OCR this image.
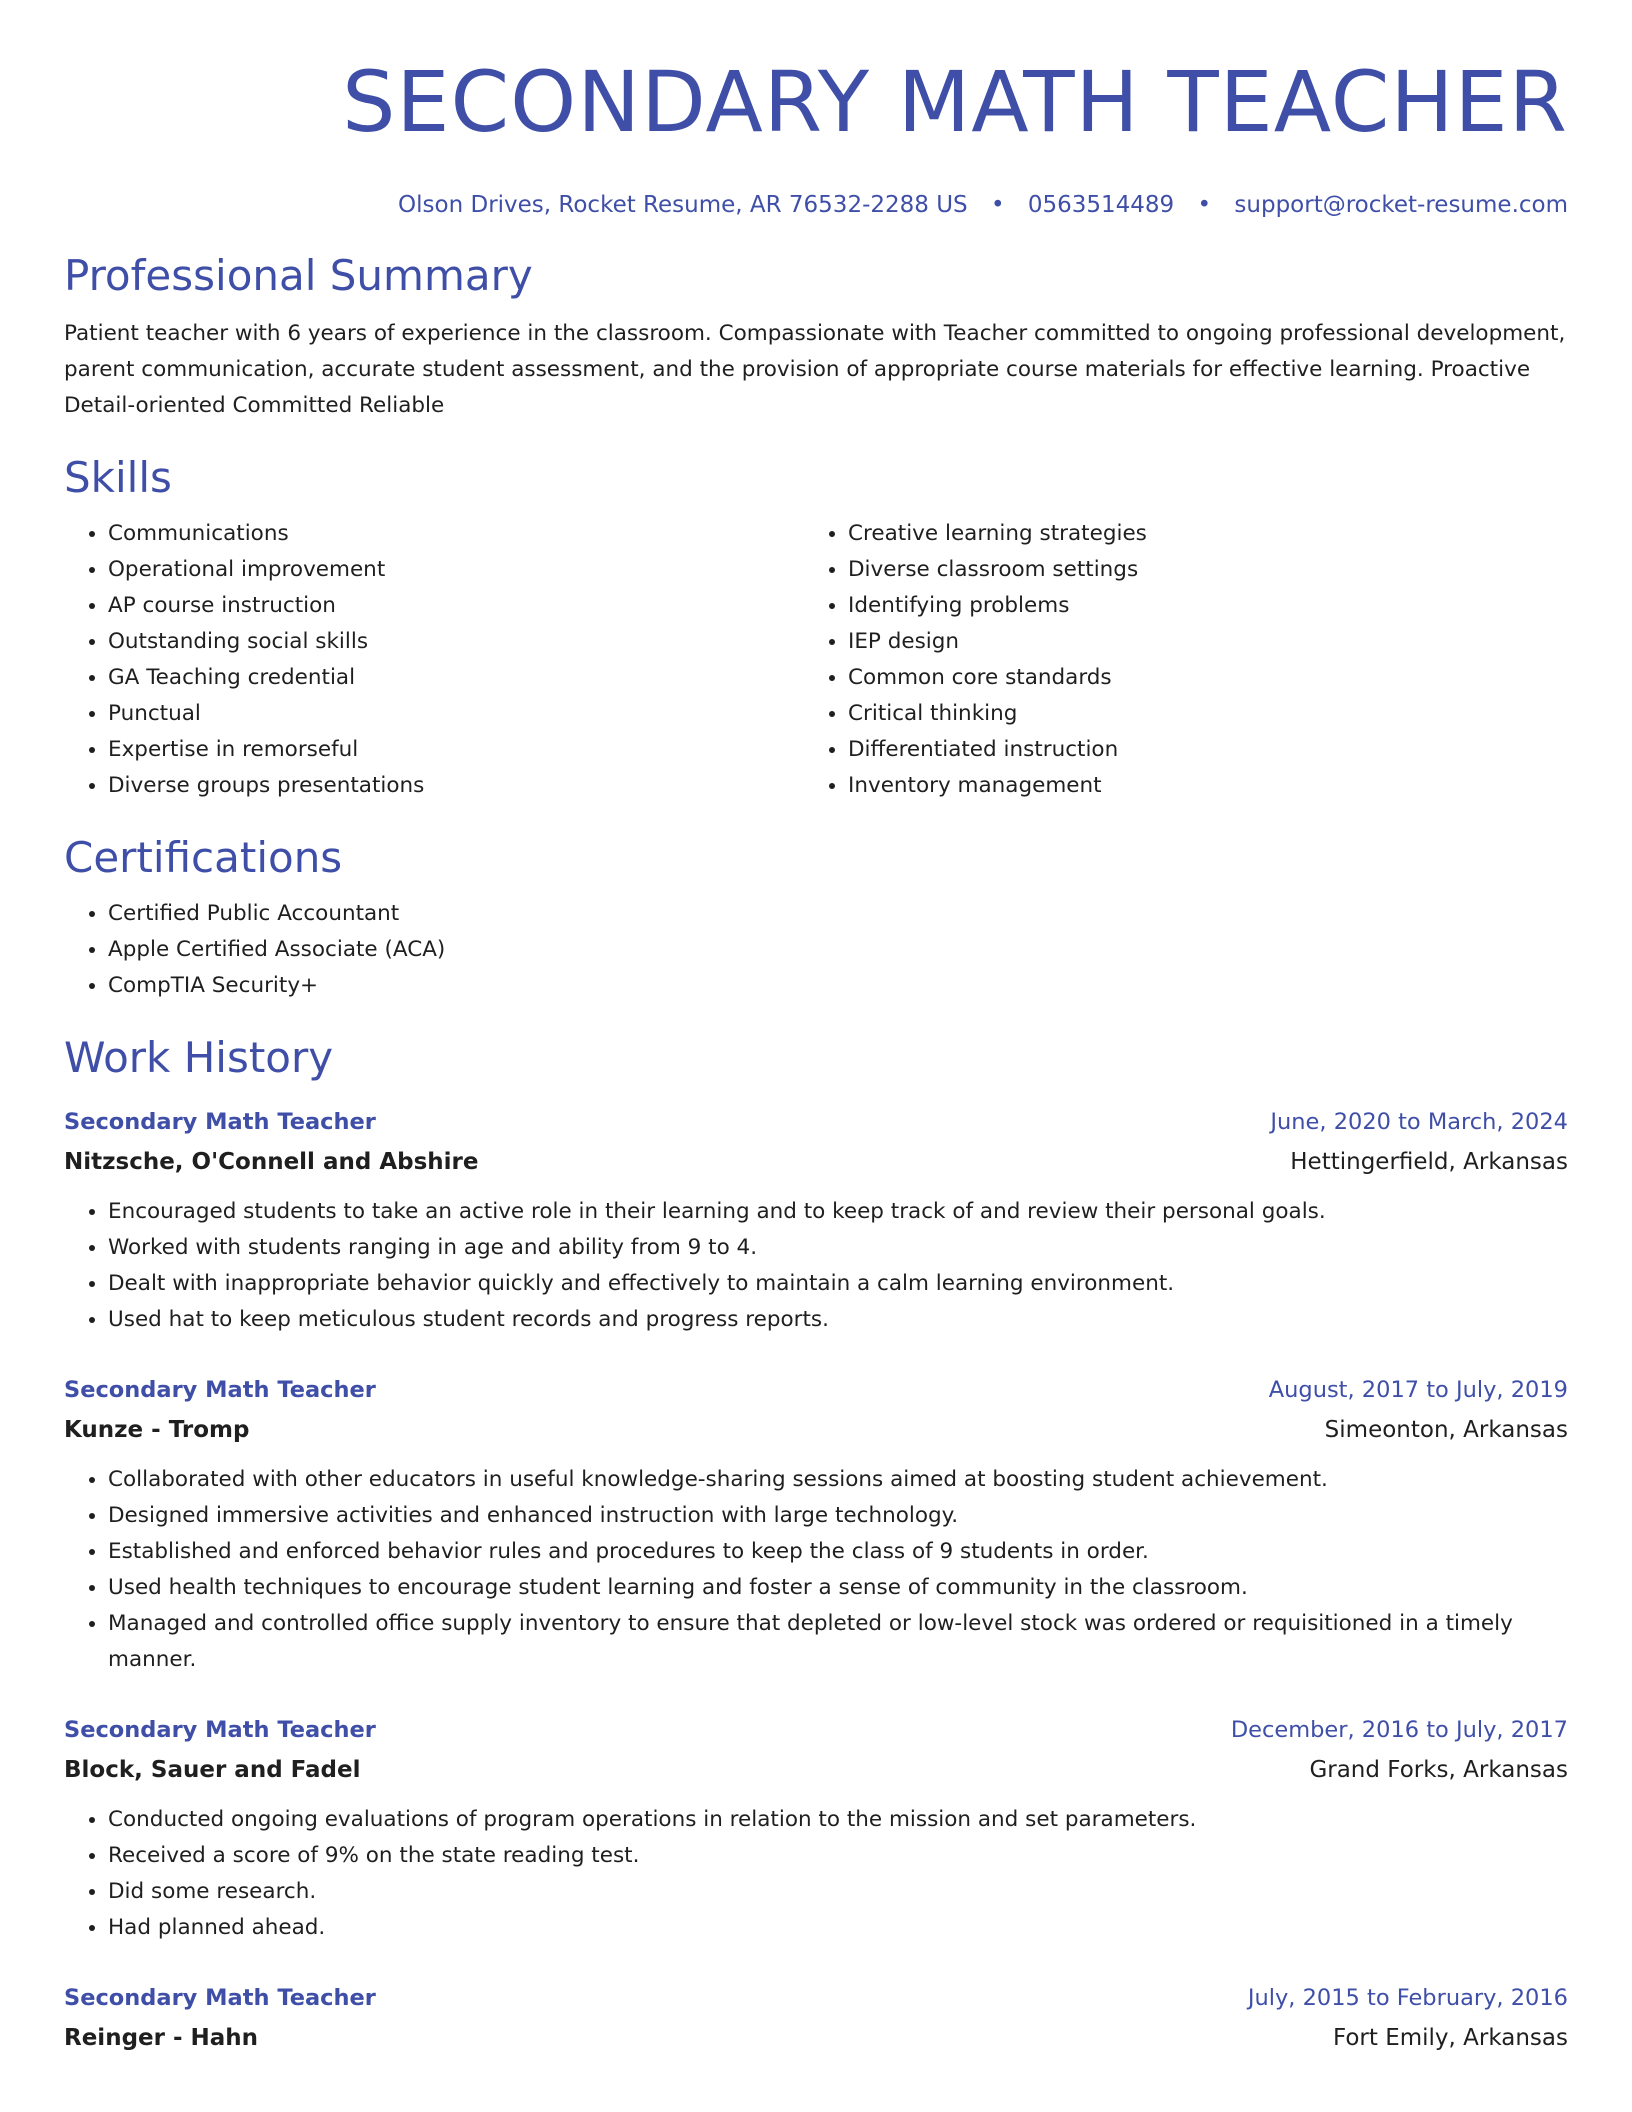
SECONDARY MATH TEACHER
Olson Drives, Rocket Resume, AR 76532-2288 US • 0563514489 • support@rocket-resume.com
Professional Summary

Patient teacher with 6 years of experience in the classroom. Compassionate with Teacher committed to ongoing professional development, parent communication, accurate student assessment, and the provision of appropriate course materials for effective learning. Proactive Detail-oriented Committed Reliable

Skills
• Communications
• Operational improvement
• AP course instruction
• Outstanding social skills
• GA Teaching credential
• Punctual
• Expertise in remorseful
• Diverse groups presentations
• Creative learning strategies
• Diverse classroom settings
• Identifying problems
• IEP design
• Common core standards
• Critical thinking
• Differentiated instruction
• Inventory management
Certifications
• Certified Public Accountant
• Apple Certified Associate (ACA)
• CompTIA Security+
Work History
Secondary Math Teacher	June, 2020 to March, 2024
Nitzsche, O'Connell and Abshire	Hettingerfield, Arkansas
• Encouraged students to take an active role in their learning and to keep track of and review their personal goals.
• Worked with students ranging in age and ability from 9 to 4.
• Dealt with inappropriate behavior quickly and effectively to maintain a calm learning environment.
• Used hat to keep meticulous student records and progress reports.
Secondary Math Teacher	August, 2017 to July, 2019
Kunze - Tromp	Simeonton, Arkansas
• Collaborated with other educators in useful knowledge-sharing sessions aimed at boosting student achievement.
• Designed immersive activities and enhanced instruction with large technology.
• Established and enforced behavior rules and procedures to keep the class of 9 students in order.
• Used health techniques to encourage student learning and foster a sense of community in the classroom.
• Managed and controlled office supply inventory to ensure that depleted or low-level stock was ordered or requisitioned in a timely manner.
Secondary Math Teacher	December, 2016 to July, 2017
Block, Sauer and Fadel	Grand Forks, Arkansas
• Conducted ongoing evaluations of program operations in relation to the mission and set parameters.
• Received a score of 9% on the state reading test.
• Did some research.
• Had planned ahead.
Secondary Math Teacher	July, 2015 to February, 2016
Reinger - Hahn	Fort Emily, Arkansas
